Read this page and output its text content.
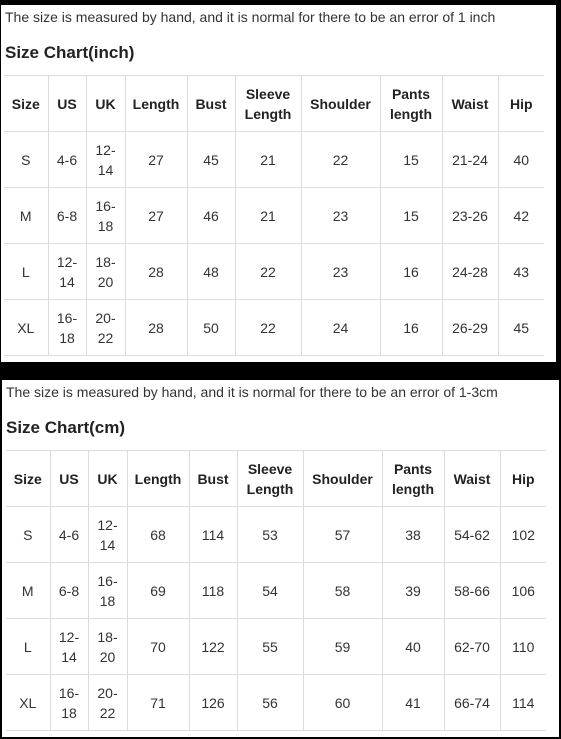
The size is measured by hand, and it is normal for there to be an error of 1 inch
Size Chart(inch)
Size	US	UK	Length	Bust	Sleeve Length	Shoulder	Pants length	Waist	Hip
S	4-6	12-14	27	45	21	22	15	21-24	40
M	6-8	16-18	27	46	21	23	15	23-26	42
L	12-14	18-20	28	48	22	23	16	24-28	43
XL	16-18	20-22	28	50	22	24	16	26-29	45
The size is measured by hand, and it is normal for there to be an error of 1-3cm
Size Chart(cm)
Size	US	UK	Length	Bust	Sleeve Length	Shoulder	Pants length	Waist	Hip
S	4-6	12-14	68	114	53	57	38	54-62	102
M	6-8	16-18	69	118	54	58	39	58-66	106
L	12-14	18-20	70	122	55	59	40	62-70	110
XL	16-18	20-22	71	126	56	60	41	66-74	114
